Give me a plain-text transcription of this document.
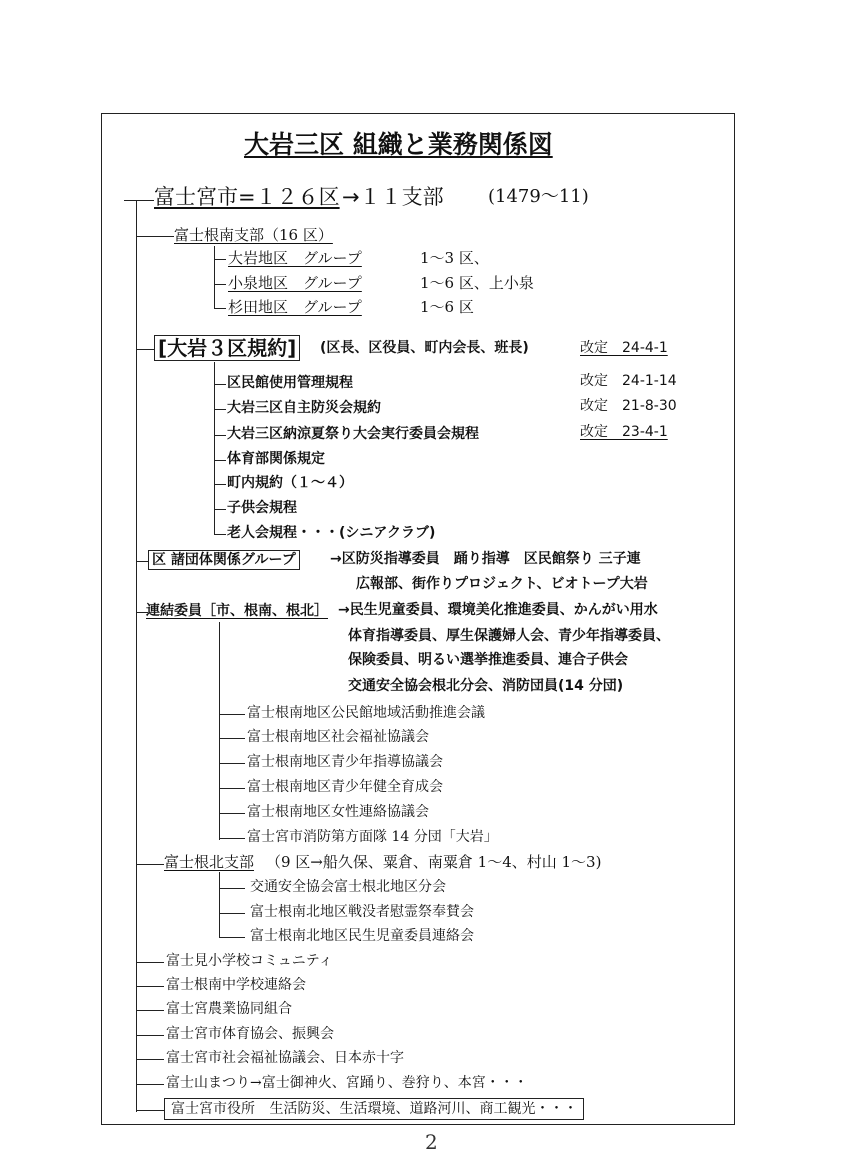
大岩三区 組織と業務関係図
富士宮市=１２６区 →１１支部 (1479～11)
富士根南支部（16 区）
大岩地区　グループ	1～3 区、
小泉地区　グループ	1～6 区、上小泉
杉田地区　グループ	1～6 区
[大岩３区規約] (区長、区役員、町内会長、班長)	改定　24-4-1
区民館使用管理規程	改定　24-1-14
大岩三区自主防災会規約	改定　21-8-30
大岩三区納涼夏祭り大会実行委員会規程	改定　23-4-1
体育部関係規定
町内規約（１～４）
子供会規程
老人会規程・・・(シニアクラブ)
区 諸団体関係グループ →区防災指導委員　踊り指導　区民館祭り 三子連
広報部、街作りプロジェクト、ビオトープ大岩
連結委員［市、根南、根北］ →民生児童委員、環境美化推進委員、かんがい用水
体育指導委員、厚生保護婦人会、青少年指導委員、
保険委員、明るい選挙推進委員、連合子供会
交通安全協会根北分会、消防団員(14 分団)
富士根南地区公民館地域活動推進会議
富士根南地区社会福祉協議会
富士根南地区青少年指導協議会
富士根南地区青少年健全育成会
富士根南地区女性連絡協議会
富士宮市消防第方面隊 14 分団「大岩」
富士根北支部 （9 区→船久保、粟倉、南粟倉 1～4、村山 1～3)
交通安全協会富士根北地区分会
富士根南北地区戦没者慰霊祭奉賛会
富士根南北地区民生児童委員連絡会
富士見小学校コミュニティ
富士根南中学校連絡会
富士宮農業協同組合
富士宮市体育協会、振興会
富士宮市社会福祉協議会、日本赤十字
富士山まつり→富士御神火、宮踊り、巻狩り、本宮・・・
富士宮市役所 生活防災、生活環境、道路河川、商工観光・・・
2
